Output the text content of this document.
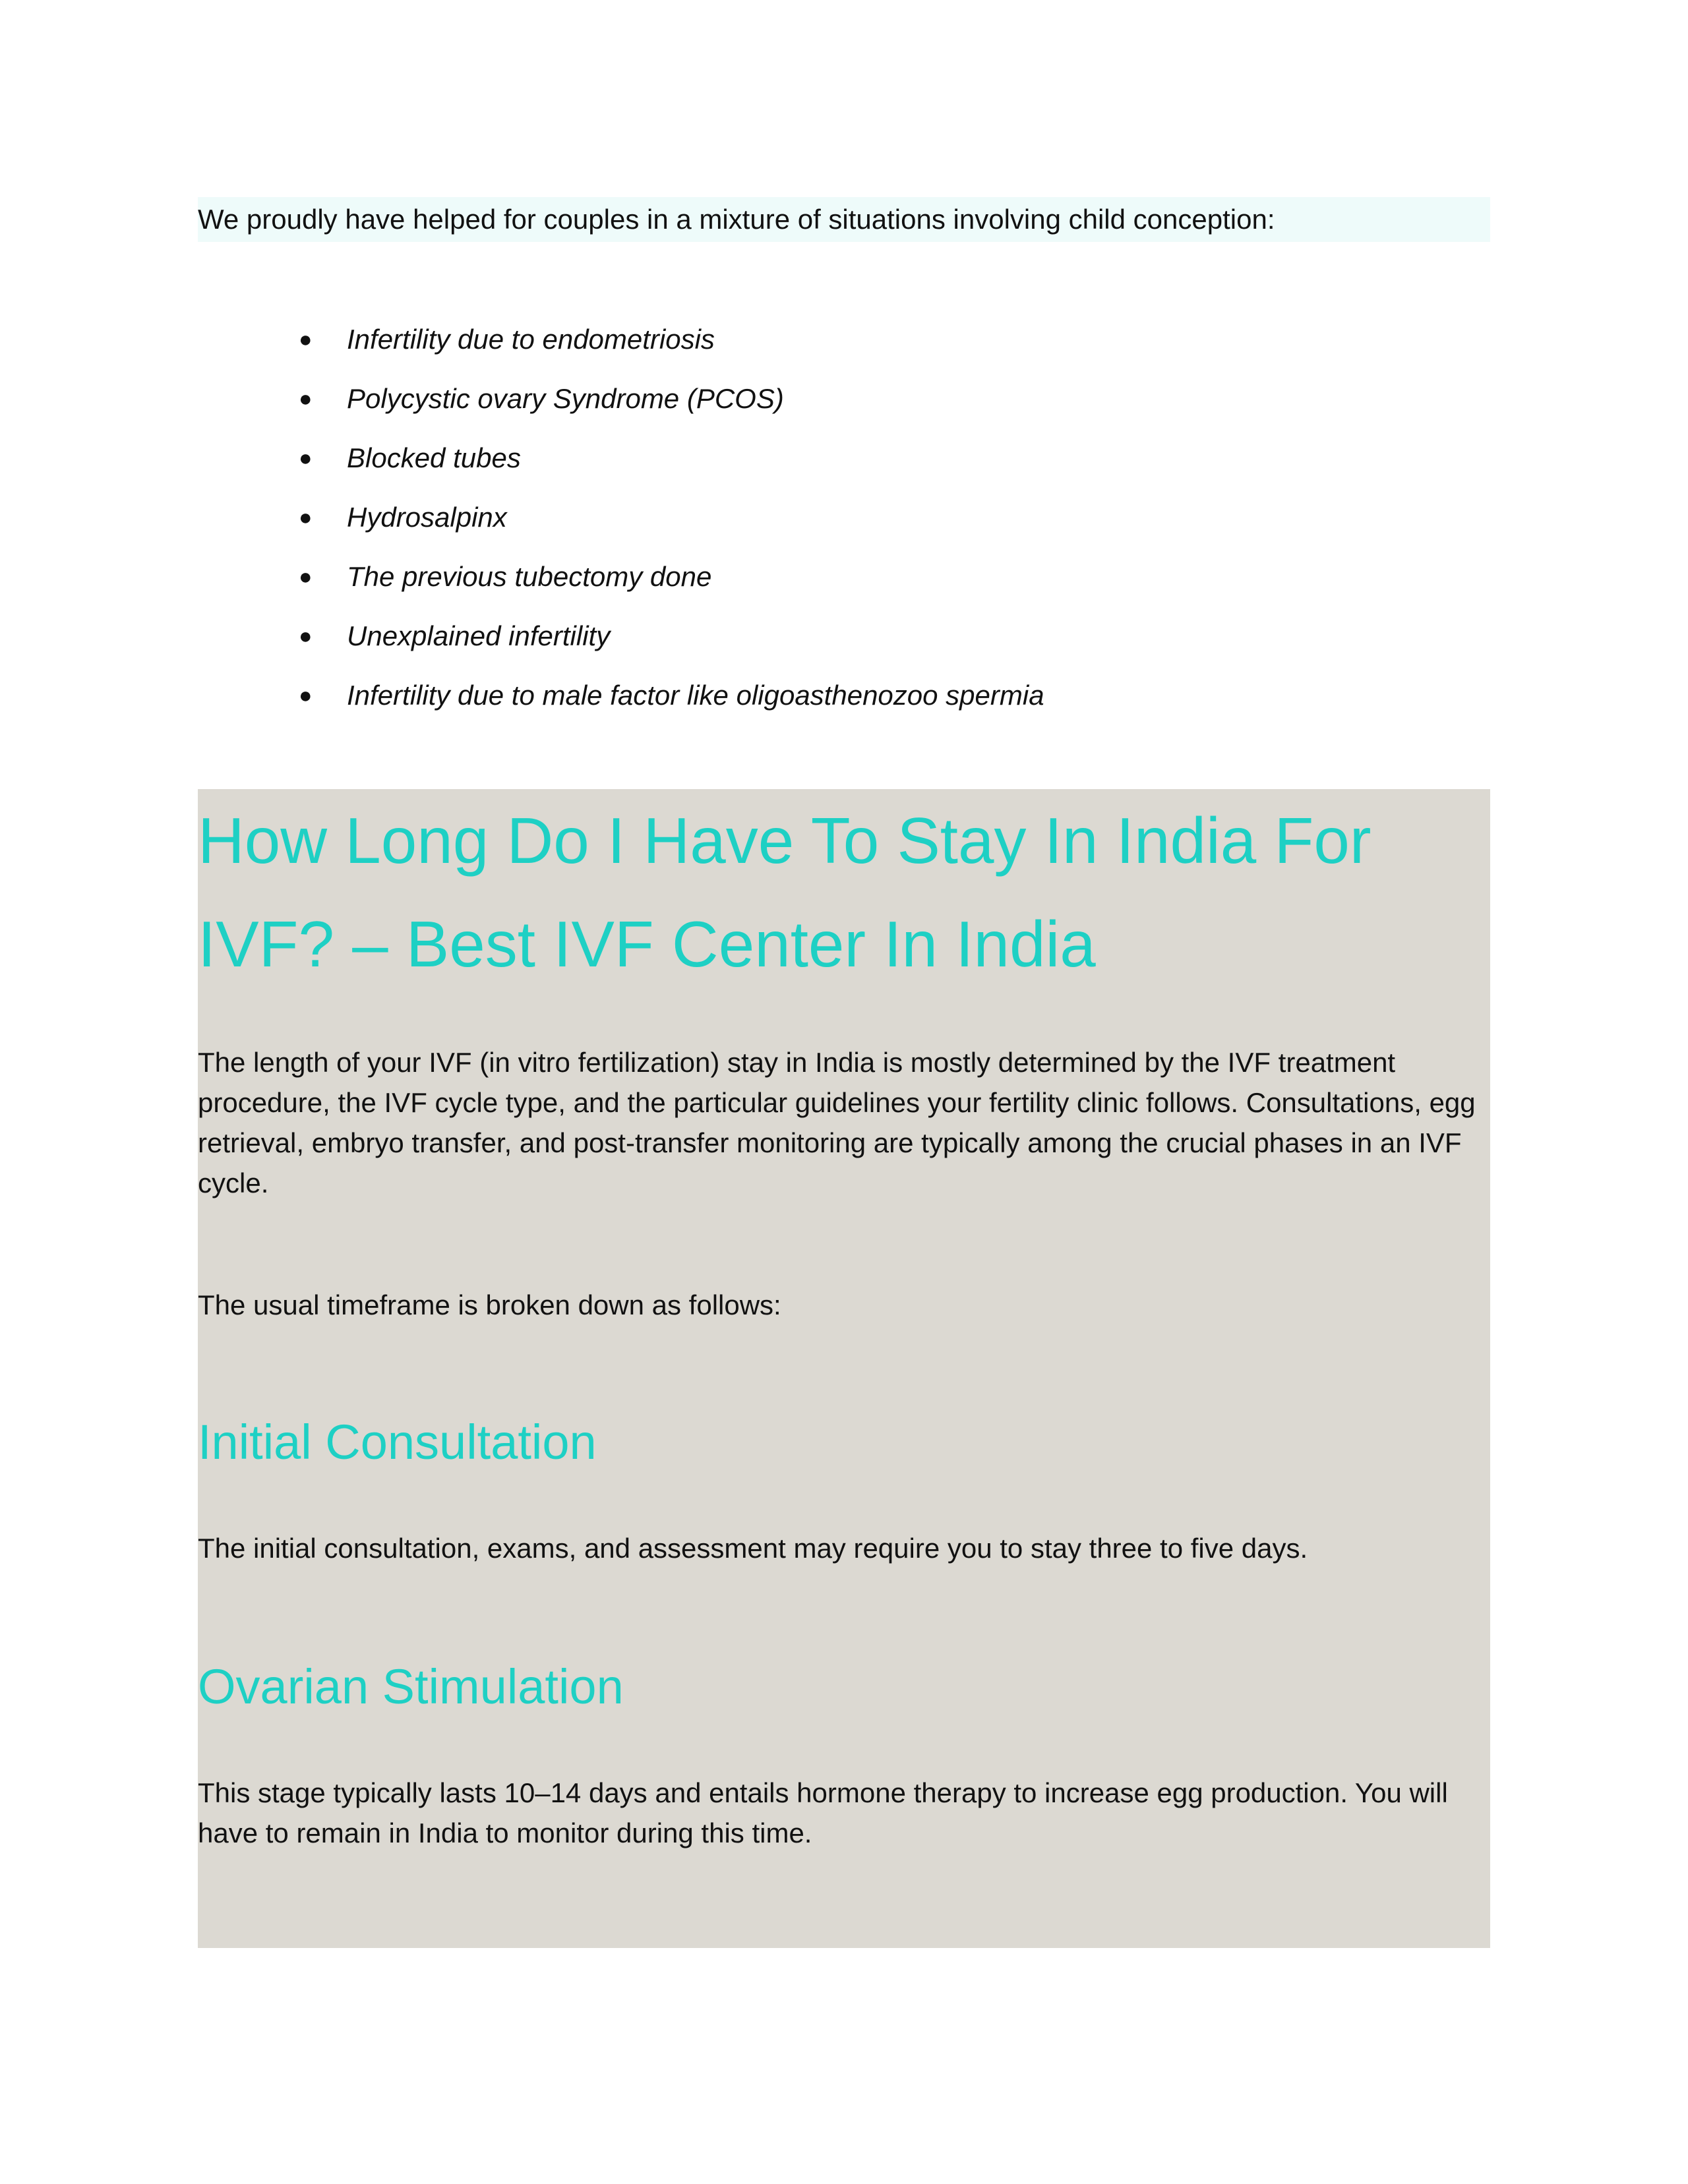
We proudly have helped for couples in a mixture of situations involving child conception:
● Infertility due to endometriosis
● Polycystic ovary Syndrome (PCOS)
● Blocked tubes
● Hydrosalpinx
● The previous tubectomy done
● Unexplained infertility
● Infertility due to male factor like oligoasthenozoo spermia
How Long Do I Have To Stay In India For IVF? – Best IVF Center In India

The length of your IVF (in vitro fertilization) stay in India is mostly determined by the IVF treatment procedure, the IVF cycle type, and the particular guidelines your fertility clinic follows. Consultations, egg retrieval, embryo transfer, and post-transfer monitoring are typically among the crucial phases in an IVF cycle.

The usual timeframe is broken down as follows:

Initial Consultation

The initial consultation, exams, and assessment may require you to stay three to five days.

Ovarian Stimulation

This stage typically lasts 10–14 days and entails hormone therapy to increase egg production. You will have to remain in India to monitor during this time.
